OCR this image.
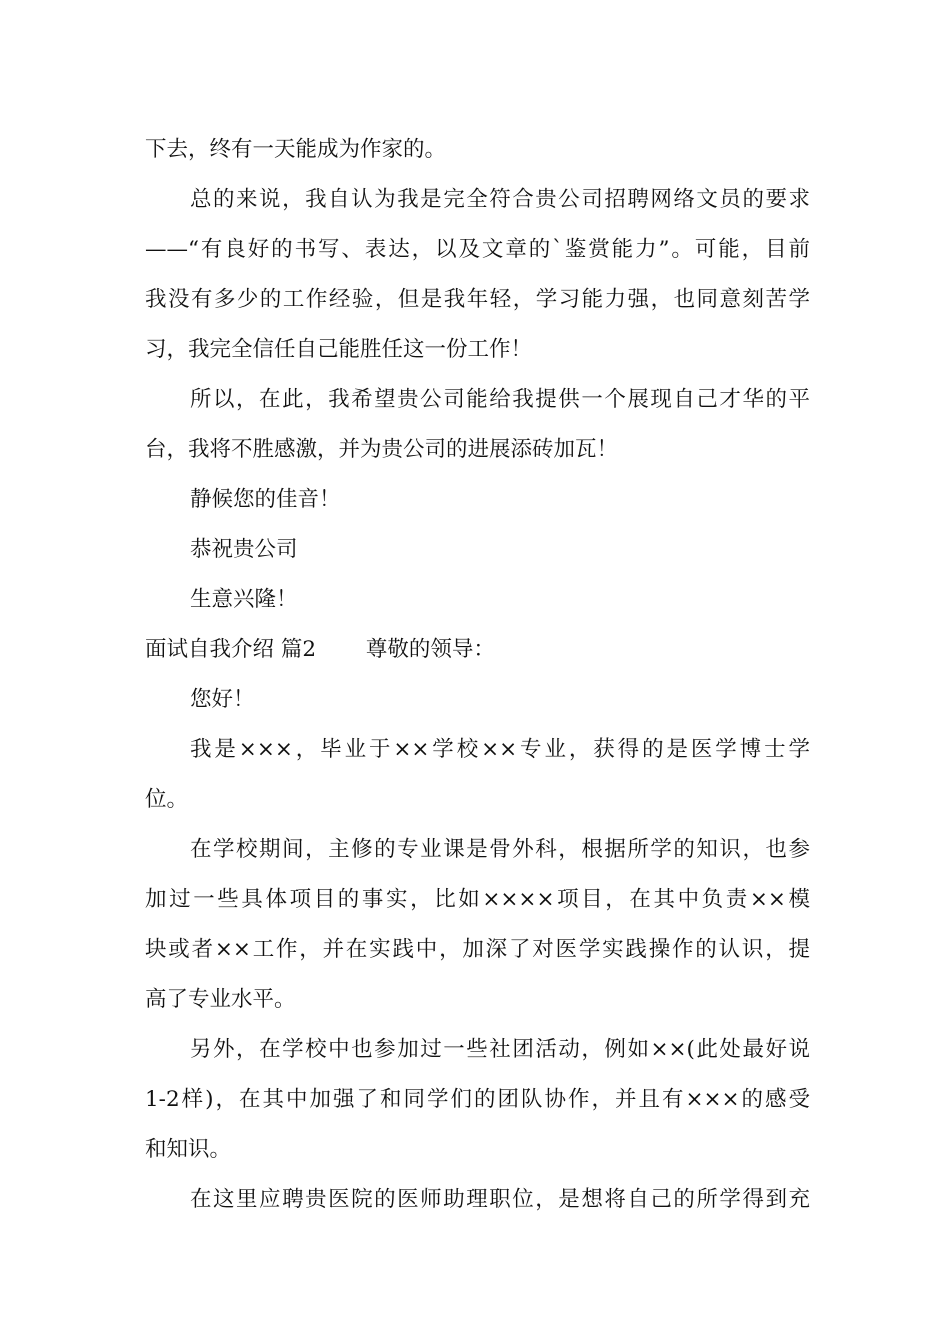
下去，终有一天能成为作家的。
总的来说，我自认为我是完全符合贵公司招聘网络文员的要求
——“有良好的书写、表达，以及文章的`鉴赏能力”。可能，目前
我没有多少的工作经验，但是我年轻，学习能力强，也同意刻苦学
习，我完全信任自己能胜任这一份工作！
所以，在此，我希望贵公司能给我提供一个展现自己才华的平
台，我将不胜感激，并为贵公司的进展添砖加瓦！
静候您的佳音！
恭祝贵公司
生意兴隆！
面试自我介绍 篇2　　 尊敬的领导：
您好！
我是×××，毕业于××学校××专业，获得的是医学博士学
位。
在学校期间，主修的专业课是骨外科，根据所学的知识，也参
加过一些具体项目的事实，比如××××项目，在其中负责××模
块或者××工作，并在实践中，加深了对医学实践操作的认识，提
高了专业水平。
另外，在学校中也参加过一些社团活动，例如××(此处最好说
1-2样)，在其中加强了和同学们的团队协作，并且有×××的感受
和知识。
在这里应聘贵医院的医师助理职位，是想将自己的所学得到充
